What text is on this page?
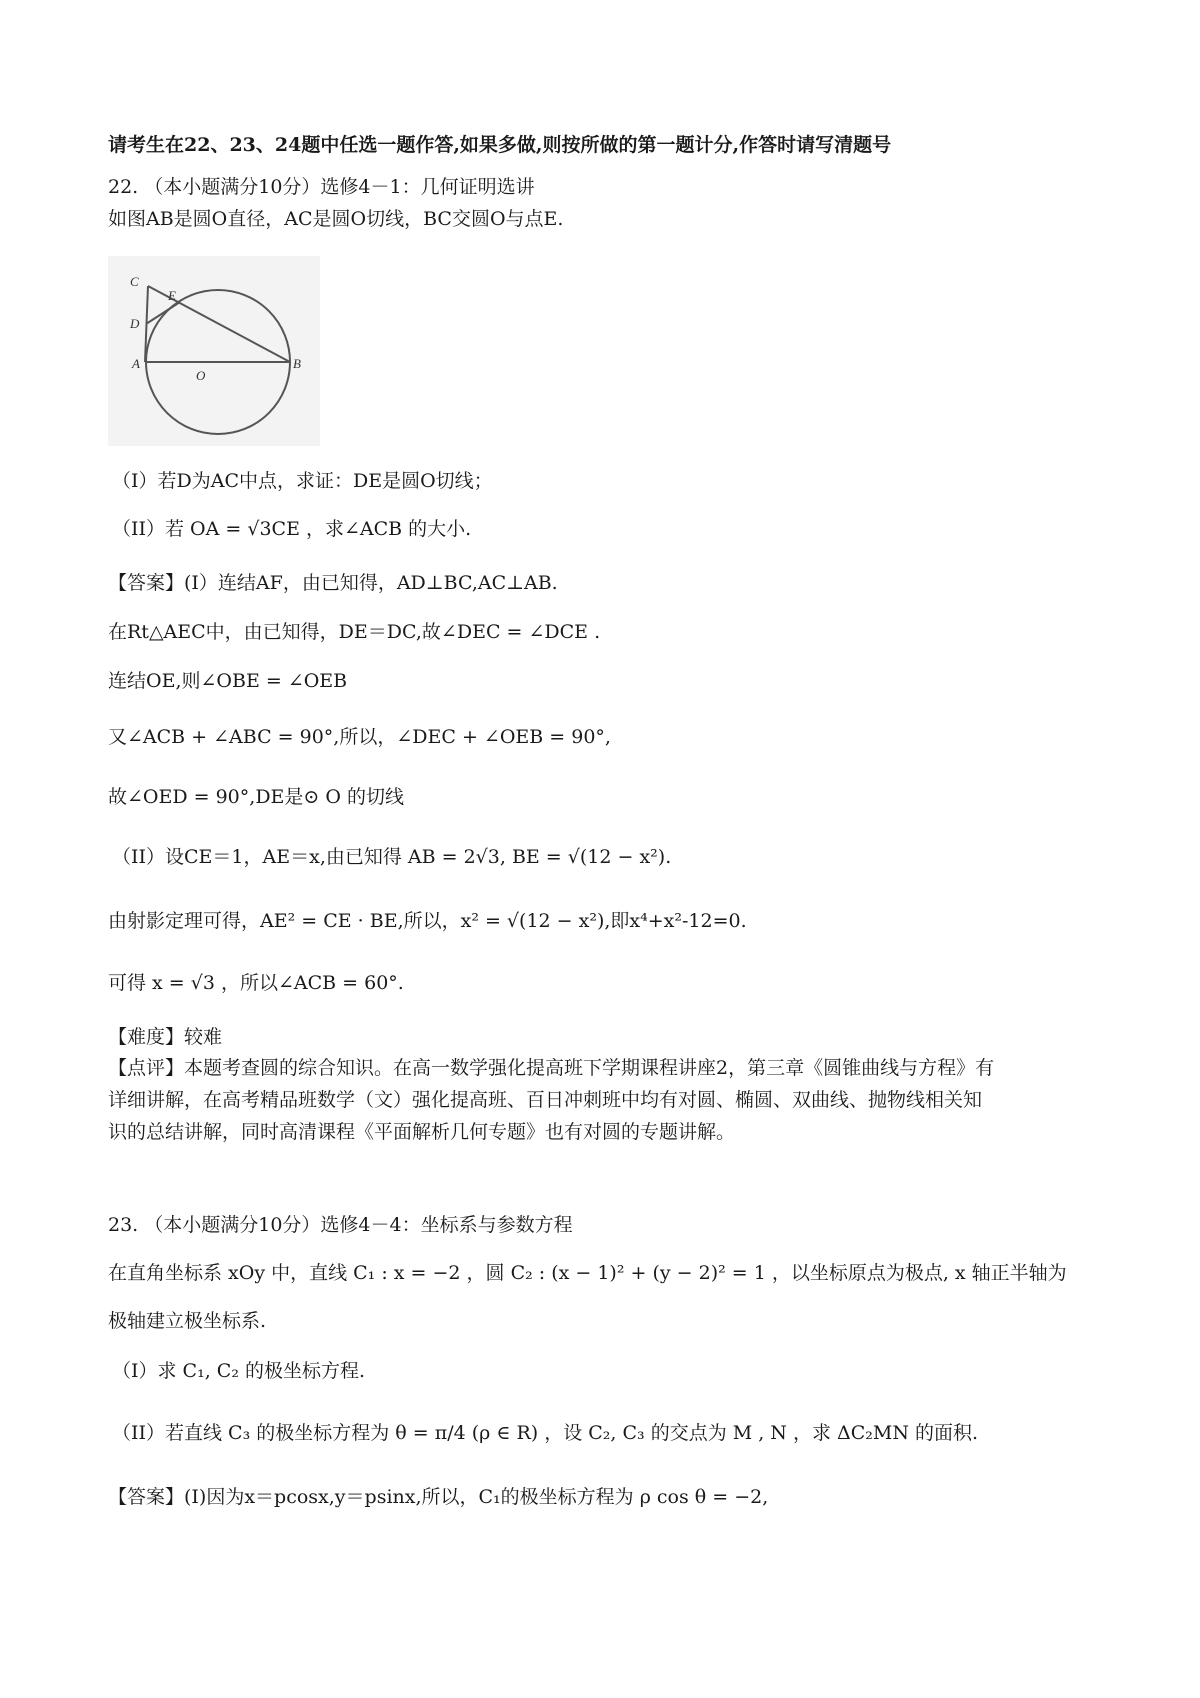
请考生在22、23、24题中任选一题作答,如果多做,则按所做的第一题计分,作答时请写清题号
22. （本小题满分10分）选修4－1：几何证明选讲
如图AB是圆O直径，AC是圆O切线，BC交圆O与点E.
C
E
D
A
O
B
（I）若D为AC中点，求证：DE是圆O切线；
（II）若 OA = √3CE ，求∠ACB 的大小.
【答案】(I）连结AF，由已知得，AD⊥BC,AC⊥AB.
在Rt△AEC中，由已知得，DE＝DC,故∠DEC = ∠DCE .
连结OE,则∠OBE = ∠OEB
又∠ACB + ∠ABC = 90°,所以，∠DEC + ∠OEB = 90°,
故∠OED = 90°,DE是⊙ O 的切线
（II）设CE＝1，AE＝x,由已知得 AB = 2√3, BE = √(12 − x²).
由射影定理可得，AE² = CE · BE,所以，x² = √(12 − x²),即x⁴+x²-12=0.
可得 x = √3 ，所以∠ACB = 60°.
【难度】较难
【点评】本题考查圆的综合知识。在高一数学强化提高班下学期课程讲座2，第三章《圆锥曲线与方程》有
详细讲解，在高考精品班数学（文）强化提高班、百日冲刺班中均有对圆、椭圆、双曲线、抛物线相关知
识的总结讲解，同时高清课程《平面解析几何专题》也有对圆的专题讲解。
23. （本小题满分10分）选修4－4：坐标系与参数方程
在直角坐标系 xOy 中，直线 C₁ : x = −2 ，圆 C₂ : (x − 1)² + (y − 2)² = 1 ，以坐标原点为极点, x 轴正半轴为
极轴建立极坐标系.
（I）求 C₁, C₂ 的极坐标方程.
（II）若直线 C₃ 的极坐标方程为 θ = π/4 (ρ ∈ R) ，设 C₂, C₃ 的交点为 M , N ，求 ΔC₂MN 的面积.
【答案】(I)因为x＝pcosx,y＝psinx,所以，C₁的极坐标方程为 ρ cos θ = −2,
